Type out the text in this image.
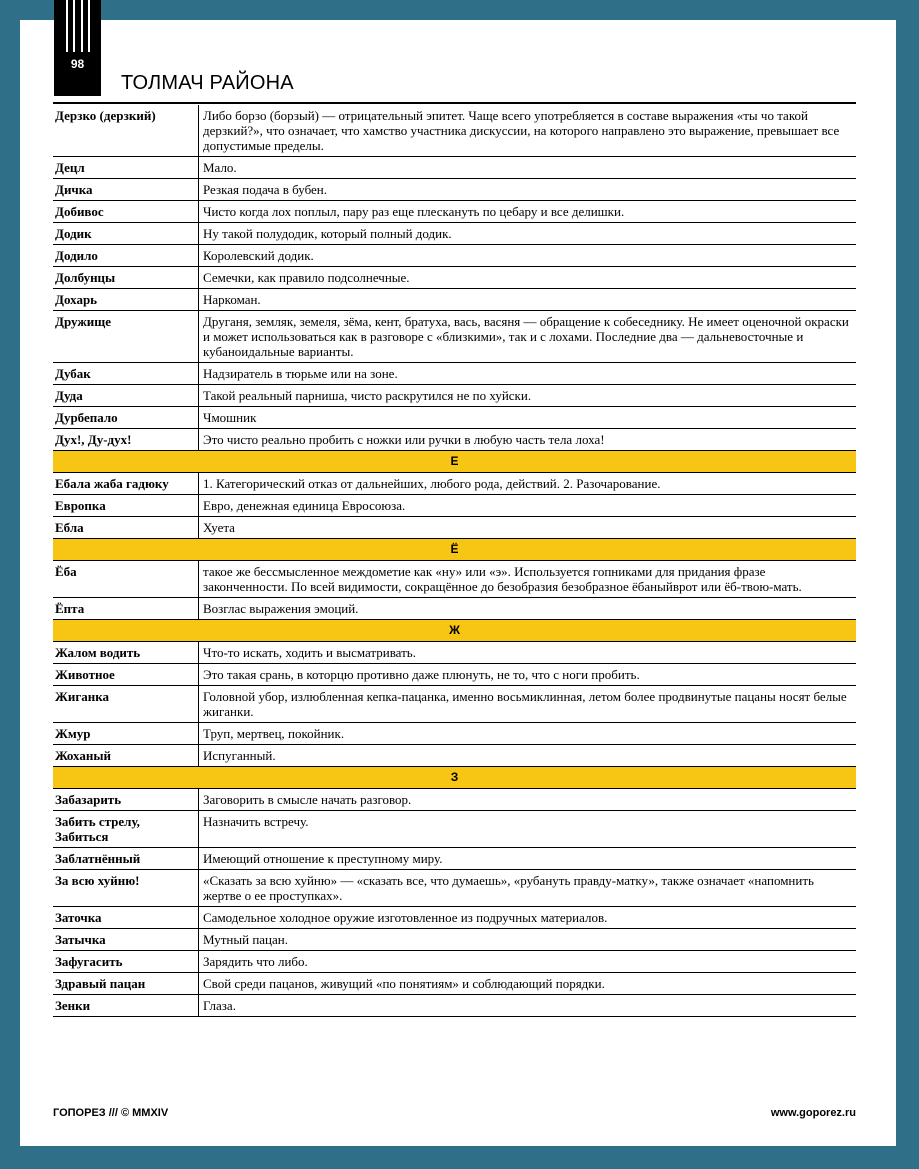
98
ТОЛМАЧ РАЙОНА
Дерзко (дерзкий)	Либо борзо (борзый) — отрицательный эпитет. Чаще всего употребляется в составе выражения «ты чо такой дерзкий?», что означает, что хамство участника дискуссии, на которого направлено это выражение, превышает все допустимые пределы.
Децл	Мало.
Дичка	Резкая подача в бубен.
Добивос	Чисто когда лох поплыл, пару раз еще плескануть по цебару и все делишки.
Додик	Ну такой полудодик, который полный додик.
Додило	Королевский додик.
Долбунцы	Семечки, как правило подсолнечные.
Дохарь	Наркоман.
Дружище	Друганя, земляк, земеля, зёма, кент, братуха, вась, васяня — обращение к собеседнику. Не имеет оценочной окраски и может использоваться как в разговоре с «близкими», так и с лохами. Последние два — дальневосточные и кубаноидальные варианты.
Дубак	Надзиратель в тюрьме или на зоне.
Дуда	Такой реальный парниша, чисто раскрутился не по хуйски.
Дурбепало	Чмошник
Дух!, Ду-дух!	Это чисто реально пробить с ножки или ручки в любую часть тела лоха!
Е	
Ебала жаба гадюку	1. Категорический отказ от дальнейших, любого рода, действий. 2. Разочарование.
Европка	Евро, денежная единица Евросоюза.
Ебла	Хуета
Ё	
Ёба	такое же бессмысленное междометие как «ну» или «э». Используется гопниками для придания фразе законченности. По всей видимости, сокращённое до безобразия безобразное ёбаныйврот или ёб-твою-мать.
Ёпта	Возглас выражения эмоций.
Ж	
Жалом водить	Что-то искать, ходить и высматривать.
Животное	Это такая срань, в которцю противно даже плюнуть, не то, что с ноги пробить.
Жиганка	Головной убор, излюбленная кепка-пацанка, именно восьмиклинная, летом более продвинутые пацаны носят белые жиганки.
Жмур	Труп, мертвец, покойник.
Жоханый	Испуганный.
З	
Забазарить	Заговорить в смысле начать разговор.
Забить стрелу, Забиться	Назначить встречу.
Заблатнённый	Имеющий отношение к преступному миру.
За всю хуйню!	«Сказать за всю хуйню» — «сказать все, что думаешь», «рубануть правду-матку», также означает «напомнить жертве о ее проступках».
Заточка	Самодельное холодное оружие изготовленное из подручных материалов.
Затычка	Мутный пацан.
Зафугасить	Зарядить что либо.
Здравый пацан	Свой среди пацанов, живущий «по понятиям» и соблюдающий порядки.
Зенки	Глаза.
ГОПОРЕЗ /// © MMXIV	www.goporez.ru
